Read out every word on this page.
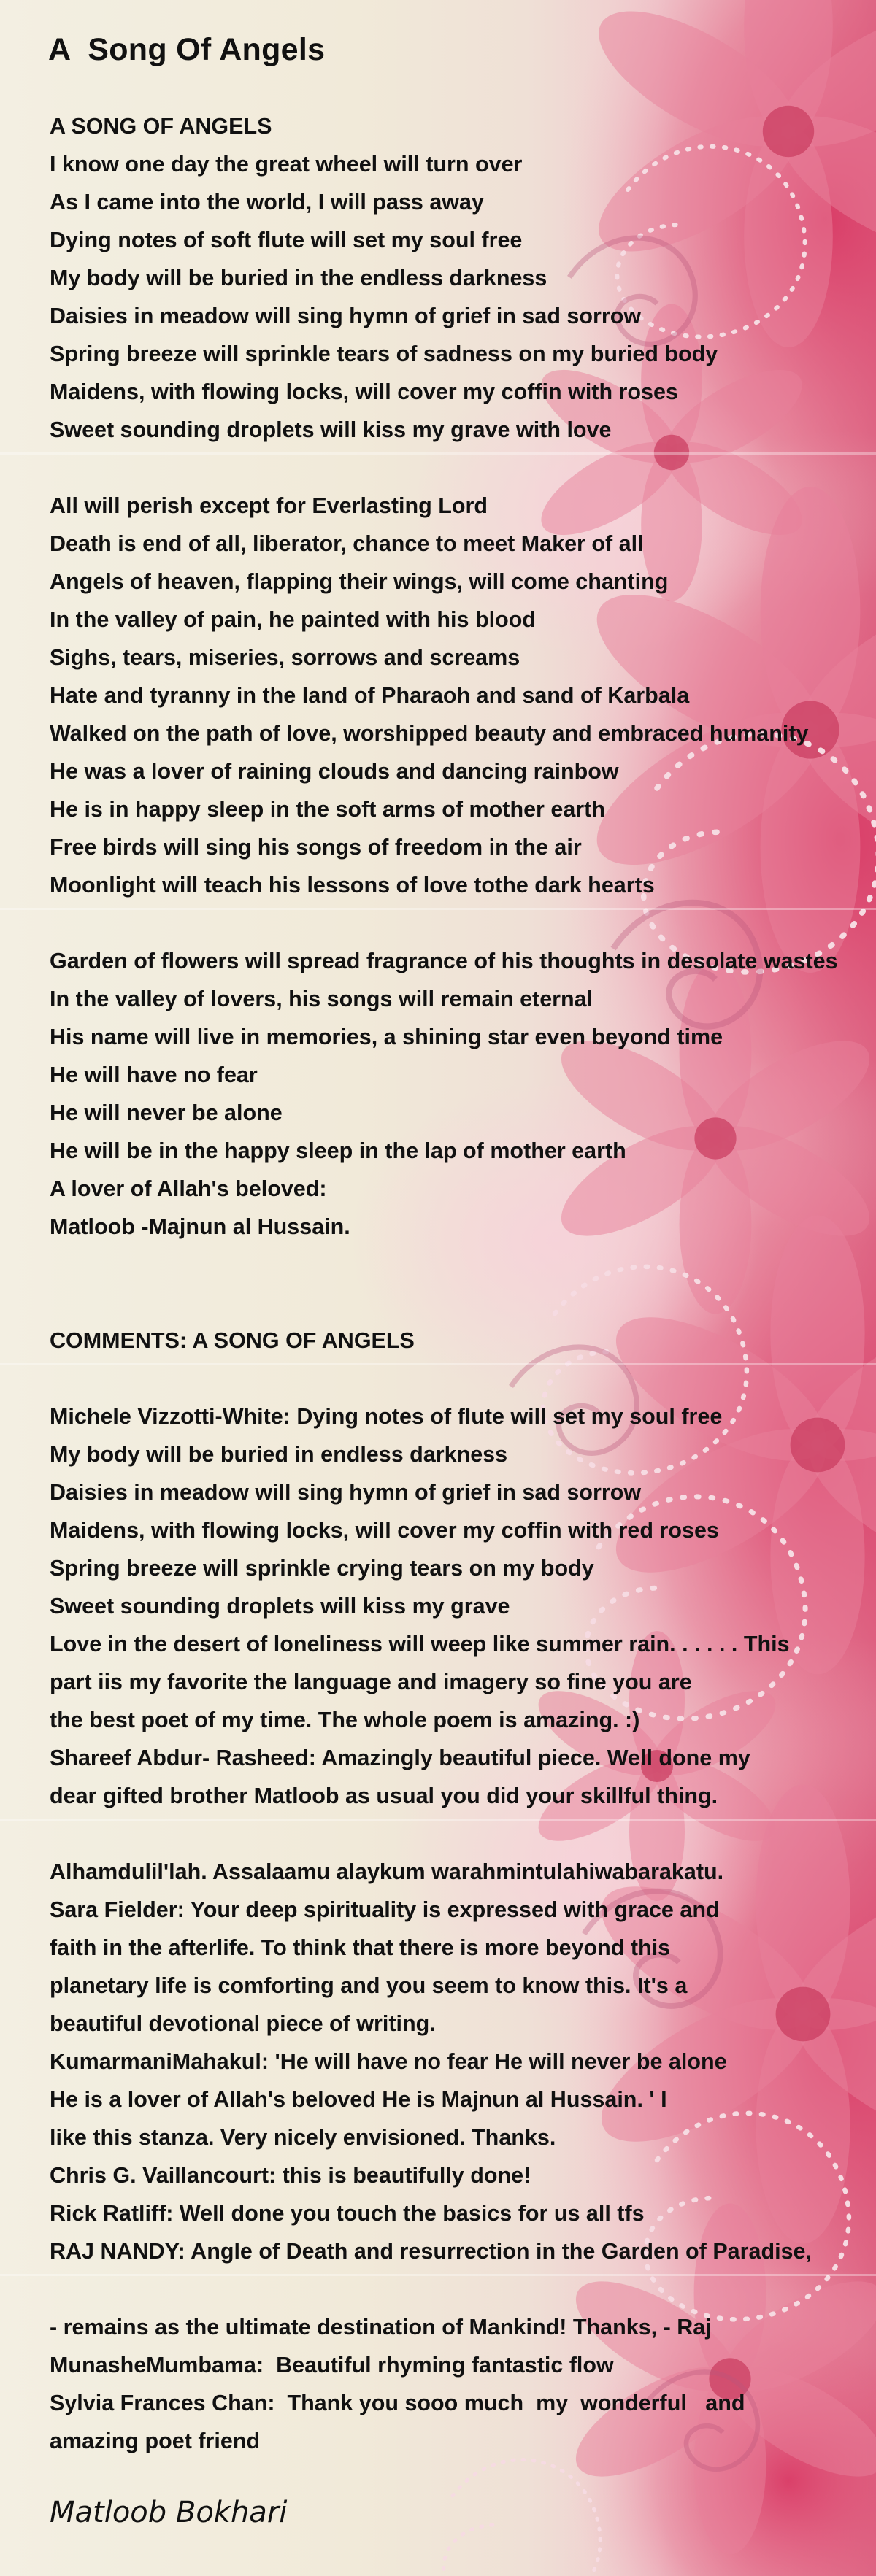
A  Song Of Angels
A SONG OF ANGELS
I know one day the great wheel will turn over
As I came into the world, I will pass away
Dying notes of soft flute will set my soul free
My body will be buried in the endless darkness
Daisies in meadow will sing hymn of grief in sad sorrow
Spring breeze will sprinkle tears of sadness on my buried body
Maidens, with flowing locks, will cover my coffin with roses
Sweet sounding droplets will kiss my grave with love
All will perish except for Everlasting Lord
Death is end of all, liberator, chance to meet Maker of all
Angels of heaven, flapping their wings, will come chanting
In the valley of pain, he painted with his blood
Sighs, tears, miseries, sorrows and screams
Hate and tyranny in the land of Pharaoh and sand of Karbala
Walked on the path of love, worshipped beauty and embraced humanity
He was a lover of raining clouds and dancing rainbow
He is in happy sleep in the soft arms of mother earth
Free birds will sing his songs of freedom in the air
Moonlight will teach his lessons of love tothe dark hearts
Garden of flowers will spread fragrance of his thoughts in desolate wastes
In the valley of lovers, his songs will remain eternal
His name will live in memories, a shining star even beyond time
He will have no fear
He will never be alone
He will be in the happy sleep in the lap of mother earth
A lover of Allah's beloved:
Matloob -Majnun al Hussain.
COMMENTS: A SONG OF ANGELS
Michele Vizzotti-White: Dying notes of flute will set my soul free
My body will be buried in endless darkness
Daisies in meadow will sing hymn of grief in sad sorrow
Maidens, with flowing locks, will cover my coffin with red roses
Spring breeze will sprinkle crying tears on my body
Sweet sounding droplets will kiss my grave
Love in the desert of loneliness will weep like summer rain. . . . . . This
part iis my favorite the language and imagery so fine you are
the best poet of my time. The whole poem is amazing. :)
Shareef Abdur- Rasheed: Amazingly beautiful piece. Well done my
dear gifted brother Matloob as usual you did your skillful thing.
Alhamdulil'lah. Assalaamu alaykum warahmintulahiwabarakatu.
Sara Fielder: Your deep spirituality is expressed with grace and
faith in the afterlife. To think that there is more beyond this
planetary life is comforting and you seem to know this. It's a
beautiful devotional piece of writing.
KumarmaniMahakul: 'He will have no fear He will never be alone
He is a lover of Allah's beloved He is Majnun al Hussain. ' I
like this stanza. Very nicely envisioned. Thanks.
Chris G. Vaillancourt: this is beautifully done!
Rick Ratliff: Well done you touch the basics for us all tfs
RAJ NANDY: Angle of Death and resurrection in the Garden of Paradise,
- remains as the ultimate destination of Mankind! Thanks, - Raj
MunasheMumbama:  Beautiful rhyming fantastic flow
Sylvia Frances Chan:  Thank you sooo much  my  wonderful   and
amazing poet friend

Matloob Bokhari
